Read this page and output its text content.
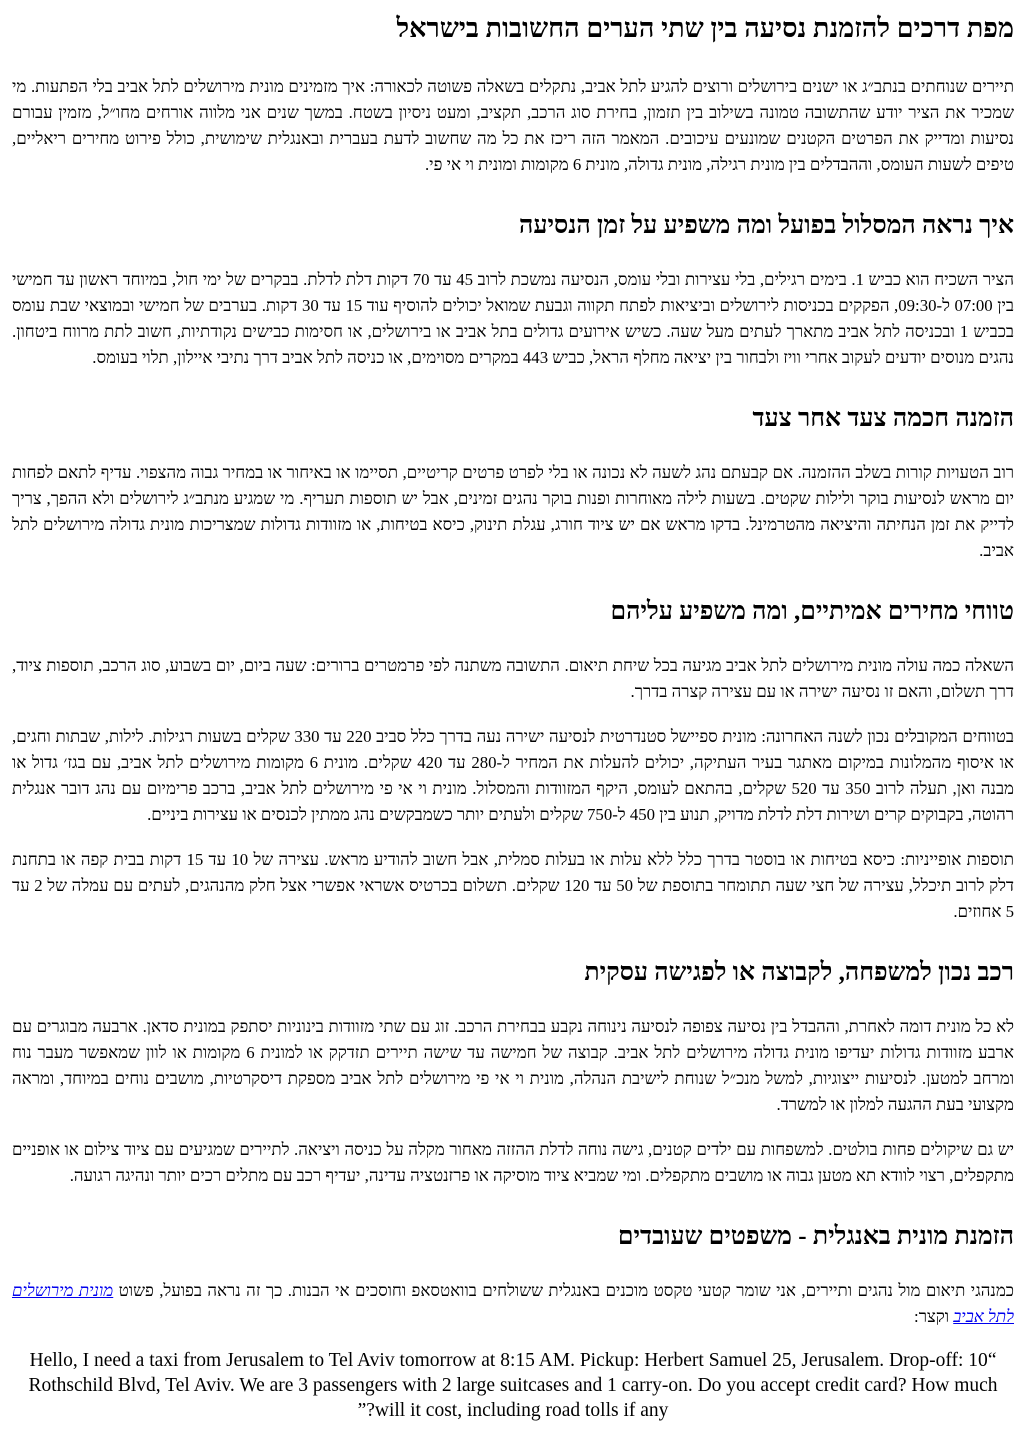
מפת דרכים להזמנת נסיעה בין שתי הערים החשובות בישראל

תיירים שנוחתים בנתב״ג או ישנים בירושלים ורוצים להגיע לתל אביב, נתקלים בשאלה פשוטה לכאורה: איך מזמינים מונית מירושלים לתל אביב בלי הפתעות. מי שמכיר את הציר יודע שהתשובה טמונה בשילוב בין תזמון, בחירת סוג הרכב, תקציב, ומעט ניסיון בשטח. במשך שנים אני מלווה אורחים מחו״ל, מזמין עבורם נסיעות ומדייק את הפרטים הקטנים שמונעים עיכובים. המאמר הזה ריכז את כל מה שחשוב לדעת בעברית ובאנגלית שימושית, כולל פירוט מחירים ריאליים, טיפים לשעות העומס, וההבדלים בין מונית רגילה, מונית גדולה, מונית 6 מקומות ומונית וי אי פי.

איך נראה המסלול בפועל ומה משפיע על זמן הנסיעה

הציר השכיח הוא כביש 1. בימים רגילים, בלי עצירות ובלי עומס, הנסיעה נמשכת לרוב 45 עד 70 דקות דלת לדלת. בבקרים של ימי חול, במיוחד ראשון עד חמישי בין 07:00 ל-09:30, הפקקים בכניסות לירושלים וביציאות לפתח תקווה וגבעת שמואל יכולים להוסיף עוד 15 עד 30 דקות. בערבים של חמישי ובמוצאי שבת עומס בכביש 1 ובכניסה לתל אביב מתארך לעתים מעל שעה. כשיש אירועים גדולים בתל אביב או בירושלים, או חסימות כבישים נקודתיות, חשוב לתת מרווח ביטחון. נהגים מנוסים יודעים לעקוב אחרי וויז ולבחור בין יציאה מחלף הראל, כביש 443 במקרים מסוימים, או כניסה לתל אביב דרך נתיבי איילון, תלוי בעומס.

הזמנה חכמה צעד אחר צעד

רוב הטעויות קורות בשלב ההזמנה. אם קבעתם נהג לשעה לא נכונה או בלי לפרט פרטים קריטיים, תסיימו או באיחור או במחיר גבוה מהצפוי. עדיף לתאם לפחות יום מראש לנסיעות בוקר ולילות שקטים. בשעות לילה מאוחרות ופנות בוקר נהגים זמינים, אבל יש תוספות תעריף. מי שמגיע מנתב״ג לירושלים ולא ההפך, צריך לדייק את זמן הנחיתה והיציאה מהטרמינל. בדקו מראש אם יש ציוד חורג, עגלת תינוק, כיסא בטיחות, או מזוודות גדולות שמצריכות מונית גדולה מירושלים לתל אביב.

טווחי מחירים אמיתיים, ומה משפיע עליהם

השאלה כמה עולה מונית מירושלים לתל אביב מגיעה בכל שיחת תיאום. התשובה משתנה לפי פרמטרים ברורים: שעה ביום, יום בשבוע, סוג הרכב, תוספות ציוד, דרך תשלום, והאם זו נסיעה ישירה או עם עצירה קצרה בדרך.

בטווחים המקובלים נכון לשנה האחרונה: מונית ספיישל סטנדרטית לנסיעה ישירה נעה בדרך כלל סביב 220 עד 330 שקלים בשעות רגילות. לילות, שבתות וחגים, או איסוף מהמלונות במיקום מאתגר בעיר העתיקה, יכולים להעלות את המחיר ל-280 עד 420 שקלים. מונית 6 מקומות מירושלים לתל אביב, עם בגז׳ גדול או מבנה ואן, תעלה לרוב 350 עד 520 שקלים, בהתאם לעומס, היקף המזוודות והמסלול. מונית וי אי פי מירושלים לתל אביב, ברכב פרימיום עם נהג דובר אנגלית רהוטה, בקבוקים קרים ושירות דלת לדלת מדויק, תנוע בין 450 ל-750 שקלים ולעתים יותר כשמבקשים נהג ממתין לכנסים או עצירות ביניים.

תוספות אופייניות: כיסא בטיחות או בוסטר בדרך כלל ללא עלות או בעלות סמלית, אבל חשוב להודיע מראש. עצירה של 10 עד 15 דקות בבית קפה או בתחנת דלק לרוב תיכלל, עצירה של חצי שעה תתומחר בתוספת של 50 עד 120 שקלים. תשלום בכרטיס אשראי אפשרי אצל חלק מהנהגים, לעתים עם עמלה של 2 עד 5 אחוזים.

רכב נכון למשפחה, לקבוצה או לפגישה עסקית

לא כל מונית דומה לאחרת, וההבדל בין נסיעה צפופה לנסיעה נינוחה נקבע בבחירת הרכב. זוג עם שתי מזוודות בינוניות יסתפק במונית סדאן. ארבעה מבוגרים עם ארבע מזוודות גדולות יעדיפו מונית גדולה מירושלים לתל אביב. קבוצה של חמישה עד שישה תיירים תזדקק או למונית 6 מקומות או לוון שמאפשר מעבר נוח ומרחב למטען. לנסיעות ייצוגיות, למשל מנכ״ל שנוחת לישיבת הנהלה, מונית וי אי פי מירושלים לתל אביב מספקת דיסקרטיות, מושבים נוחים במיוחד, ומראה מקצועי בעת ההגעה למלון או למשרד.

יש גם שיקולים פחות בולטים. למשפחות עם ילדים קטנים, גישה נוחה לדלת ההזזה מאחור מקלה על כניסה ויציאה. לתיירים שמגיעים עם ציוד צילום או אופניים מתקפלים, רצוי לוודא תא מטען גבוה או מושבים מתקפלים. ומי שמביא ציוד מוסיקה או פרזנטציה עדינה, יעדיף רכב עם מתלים רכים יותר ונהיגה רגועה.

הזמנת מונית באנגלית - משפטים שעובדים

כמנהגי תיאום מול נהגים ותיירים, אני שומר קטעי טקסט מוכנים באנגלית ששולחים בוואטסאפ וחוסכים אי הבנות. כך זה נראה בפועל, פשוט מונית מירושלים לתל אביב וקצר:

“Hello, I need a taxi from Jerusalem to Tel Aviv tomorrow at 8:15 AM. Pickup: Herbert Samuel 25, Jerusalem. Drop-off: 10 Rothschild Blvd, Tel Aviv. We are 3 passengers with 2 large suitcases and 1 carry-on. Do you accept credit card? How much will it cost, including road tolls if any?”
